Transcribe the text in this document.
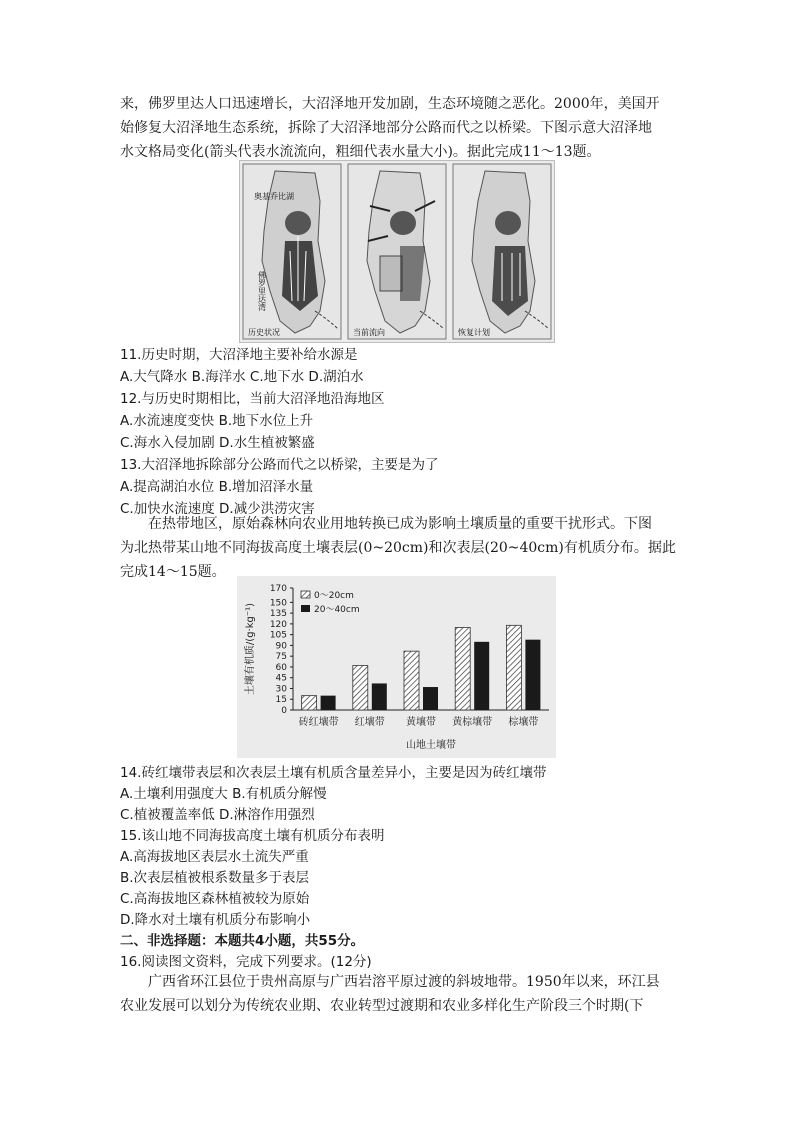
来，佛罗里达人口迅速增长，大沼泽地开发加剧，生态环境随之恶化。2000年，美国开
始修复大沼泽地生态系统，拆除了大沼泽地部分公路而代之以桥梁。下图示意大沼泽地
水文格局变化(箭头代表水流流向，粗细代表水量大小)。据此完成11～13题。
奥基乔比湖
佛罗里达湾
历史状况	当前流向	恢复计划
11.历史时期，大沼泽地主要补给水源是
A.大气降水 B.海洋水 C.地下水 D.湖泊水
12.与历史时期相比，当前大沼泽地沿海地区
A.水流速度变快 B.地下水位上升
C.海水入侵加剧 D.水生植被繁盛
13.大沼泽地拆除部分公路而代之以桥梁，主要是为了
A.提高湖泊水位 B.增加沼泽水量
C.加快水流速度 D.减少洪涝灾害
在热带地区，原始森林向农业用地转换已成为影响土壤质量的重要干扰形式。下图
为北热带某山地不同海拔高度土壤表层(0~20cm)和次表层(20~40cm)有机质分布。据此
完成14～15题。
0
15
30
45
60
75
90
105
120
135
150
170
土壤有机质/(g·kg⁻¹)
砖红壤带 红壤带 黄壤带 黄棕壤带 棕壤带
山地土壤带
0～20cm
20～40cm
14.砖红壤带表层和次表层土壤有机质含量差异小，主要是因为砖红壤带
A.土壤利用强度大 B.有机质分解慢
C.植被覆盖率低 D.淋溶作用强烈
15.该山地不同海拔高度土壤有机质分布表明
A.高海拔地区表层水土流失严重
B.次表层植被根系数量多于表层
C.高海拔地区森林植被较为原始
D.降水对土壤有机质分布影响小
二、非选择题：本题共4小题，共55分。
16.阅读图文资料，完成下列要求。(12分)
广西省环江县位于贵州高原与广西岩溶平原过渡的斜坡地带。1950年以来，环江县
农业发展可以划分为传统农业期、农业转型过渡期和农业多样化生产阶段三个时期(下
